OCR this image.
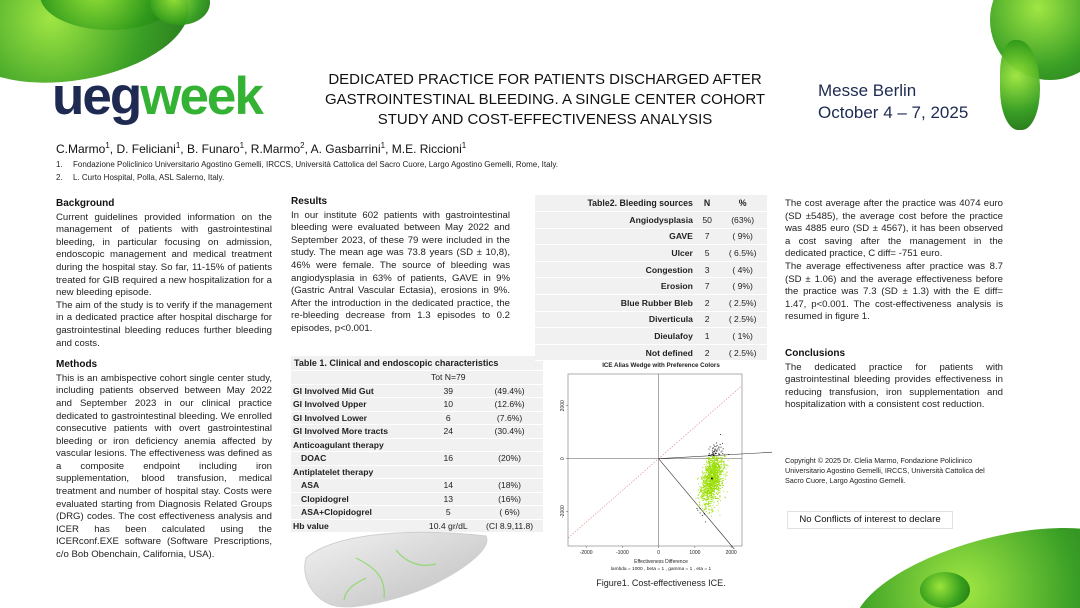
uegweek	DEDICATED PRACTICE FOR PATIENTS DISCHARGED AFTER
GASTROINTESTINAL BLEEDING. A SINGLE CENTER COHORT
STUDY AND COST-EFFECTIVENESS ANALYSIS
Messe Berlin
October 4 – 7, 2025
C.Marmo$^1$, D. Feliciani$^1$, B. Funaro$^1$, R.Marmo$^2$, A. Gasbarrini$^1$, M.E. Riccioni$^1$
1.	Fondazione Policlinico Universitario Agostino Gemelli, IRCCS, Università Cattolica del Sacro Cuore, Largo Agostino Gemelli, Rome, Italy.
2.	L. Curto Hospital, Polla, ASL Salerno, Italy.
Background

Current guidelines provided information on the management of patients with gastrointestinal bleeding, in particular focusing on admission, endoscopic management and medical treatment during the hospital stay. So far, 11-15% of patients treated for GIB required a new hospitalization for a new bleeding episode.

The aim of the study is to verify if the management in a dedicated practice after hospital discharge for gastrointestinal bleeding reduces further bleeding and costs.

Methods

This is an ambispective cohort single center study, including patients observed between May 2022 and September 2023 in our clinical practice dedicated to gastrointestinal bleeding. We enrolled consecutive patients with overt gastrointestinal bleeding or iron deficiency anemia affected by vascular lesions. The effectiveness was defined as a composite endpoint including iron supplementation, blood transfusion, medical treatment and number of hospital stay. Costs were evaluated starting from Diagnosis Related Groups (DRG) codes. The cost effectiveness analysis and ICER has been calculated using the ICERconf.EXE software (Software Prescriptions, c/o Bob Obenchain, California, USA).

Results

In our institute 602 patients with gastrointestinal bleeding were evaluated between May 2022 and September 2023, of these 79 were included in the study. The mean age was 73.8 years (SD ± 10,8), 46% were female. The source of bleeding was angiodysplasia in 63% of patients, GAVE in 9% (Gastric Antral Vascular Ectasia), erosions in 9%. After the introduction in the dedicated practice, the re-bleeding decrease from 1.3 episodes to 0.2 episodes, p<0.001.

Table 1. Clinical and endoscopic characteristics		
	Tot N=79	
GI Involved Mid Gut	39	(49.4%)
GI Involved Upper	10	(12.6%)
GI Involved Lower	6	(7.6%)
GI Involved More tracts	24	(30.4%)
Anticoagulant therapy		
DOAC	16	(20%)
Antiplatelet therapy		
ASA	14	(18%)
Clopidogrel	13	(16%)
ASA+Clopidogrel	5	( 6%)
Hb value	10.4 gr/dL	(CI 8.9,11.8)
Table2. Bleeding sources	N	%
Angiodysplasia	50	(63%)
GAVE	7	( 9%)
Ulcer	5	( 6.5%)
Congestion	3	( 4%)
Erosion	7	( 9%)
Blue Rubber Bleb	2	( 2.5%)
Diverticula	2	( 2.5%)
Dieulafoy	1	( 1%)
Not defined	2	( 2.5%)
ICE Alias Wedge with Preference Colors
-2000	-1000	0	1000	2000
-2000
0
2000
Effectiveness Difference
lambda = 1000 , beta = 1 , gamma = 1 , eta = 1
Figure1. Cost-effectiveness ICE.

The cost average after the practice was 4074 euro (SD ±5485), the average cost before the practice was 4885 euro (SD ± 4567), it has been observed a cost saving after the management in the dedicated practice, C diff= -751 euro.

The average effectiveness after practice was 8.7 (SD ± 1.06) and the average effectiveness before the practice was 7.3 (SD ± 1.3) with the E diff= 1.47, p<0.001. The cost-effectiveness analysis is resumed in figure 1.

Conclusions

The dedicated practice for patients with gastrointestinal bleeding provides effectiveness in reducing transfusion, iron supplementation and hospitalization with a consistent cost reduction.

Copyright © 2025 Dr. Clelia Marmo, Fondazione Policlinico Universitario Agostino Gemelli, IRCCS, Università Cattolica del Sacro Cuore, Largo Agostino Gemelli.
No Conflicts of interest to declare
